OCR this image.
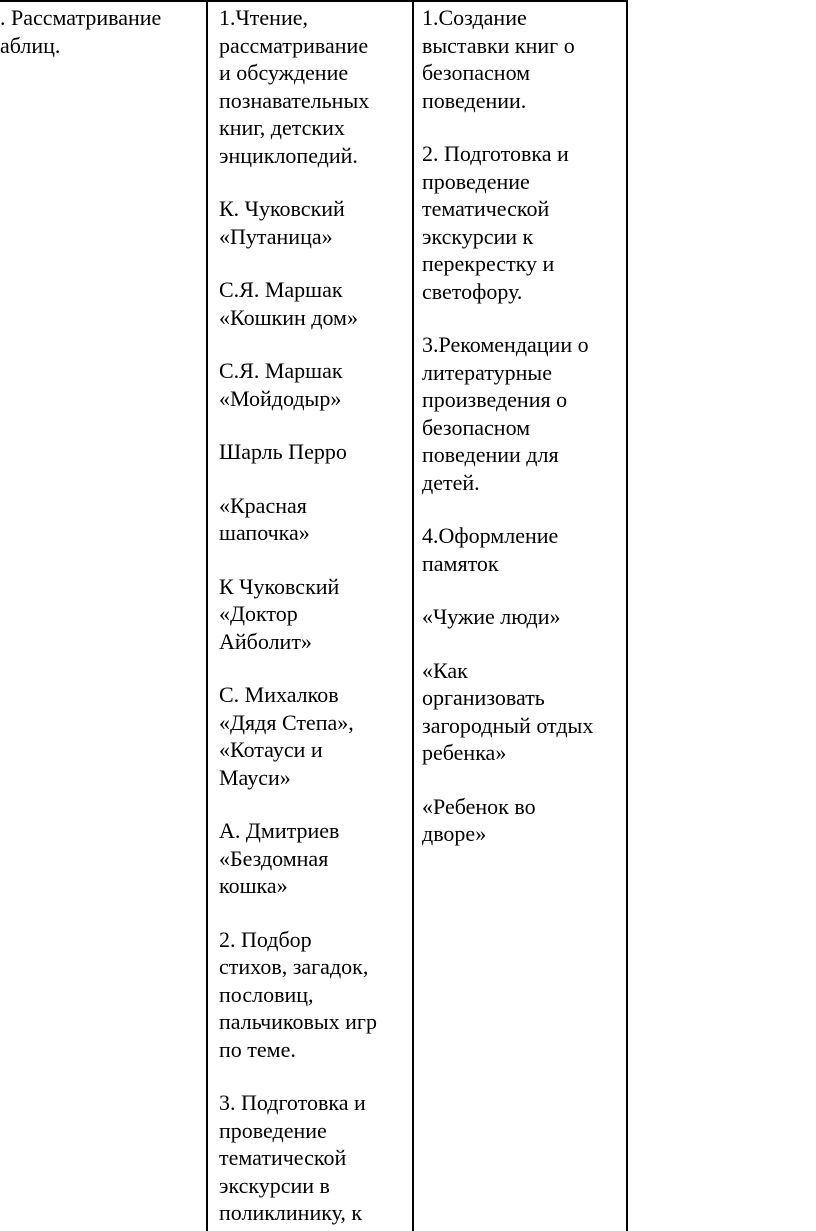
. Рассматривание
аблиц.
1.Чтение,
рассматривание
и обсуждение
познавательных
книг, детских
энциклопедий.
К. Чуковский
«Путаница»
С.Я. Маршак
«Кошкин дом»
С.Я. Маршак
«Мойдодыр»
Шарль Перро
«Красная
шапочка»
К Чуковский
«Доктор
Айболит»
С. Михалков
«Дядя Степа»,
«Котауси и
Мауси»
А. Дмитриев
«Бездомная
кошка»
2. Подбор
стихов, загадок,
пословиц,
пальчиковых игр
по теме.
3. Подготовка и
проведение
тематической
экскурсии в
поликлинику, к
1.Создание
выставки книг о
безопасном
поведении.
2. Подготовка и
проведение
тематической
экскурсии к
перекрестку и
светофору.
3.Рекомендации о
литературные
произведения о
безопасном
поведении для
детей.
4.Оформление
памяток
«Чужие люди»
«Как
организовать
загородный отдых
ребенка»
«Ребенок во
дворе»
